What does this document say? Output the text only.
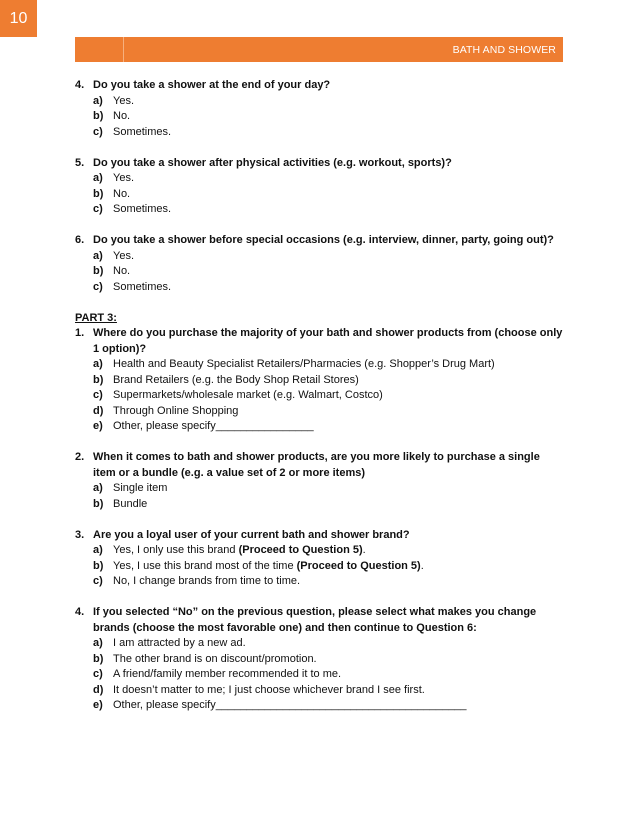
10
BATH AND SHOWER
4. Do you take a shower at the end of your day?
a) Yes.
b) No.
c) Sometimes.
5. Do you take a shower after physical activities (e.g. workout, sports)?
a) Yes.
b) No.
c) Sometimes.
6. Do you take a shower before special occasions (e.g. interview, dinner, party, going out)?
a) Yes.
b) No.
c) Sometimes.
PART 3:
1. Where do you purchase the majority of your bath and shower products from (choose only 1 option)?
a) Health and Beauty Specialist Retailers/Pharmacies (e.g. Shopper’s Drug Mart)
b) Brand Retailers (e.g. the Body Shop Retail Stores)
c) Supermarkets/wholesale market (e.g. Walmart, Costco)
d) Through Online Shopping
e) Other, please specify________________
2. When it comes to bath and shower products, are you more likely to purchase a single item or a bundle (e.g. a value set of 2 or more items)
a) Single item
b) Bundle
3. Are you a loyal user of your current bath and shower brand?
a) Yes, I only use this brand (Proceed to Question 5).
b) Yes, I use this brand most of the time (Proceed to Question 5).
c) No, I change brands from time to time.
4. If you selected “No” on the previous question, please select what makes you change brands (choose the most favorable one) and then continue to Question 6:
a) I am attracted by a new ad.
b) The other brand is on discount/promotion.
c) A friend/family member recommended it to me.
d) It doesn’t matter to me; I just choose whichever brand I see first.
e) Other, please specify_________________________________________
